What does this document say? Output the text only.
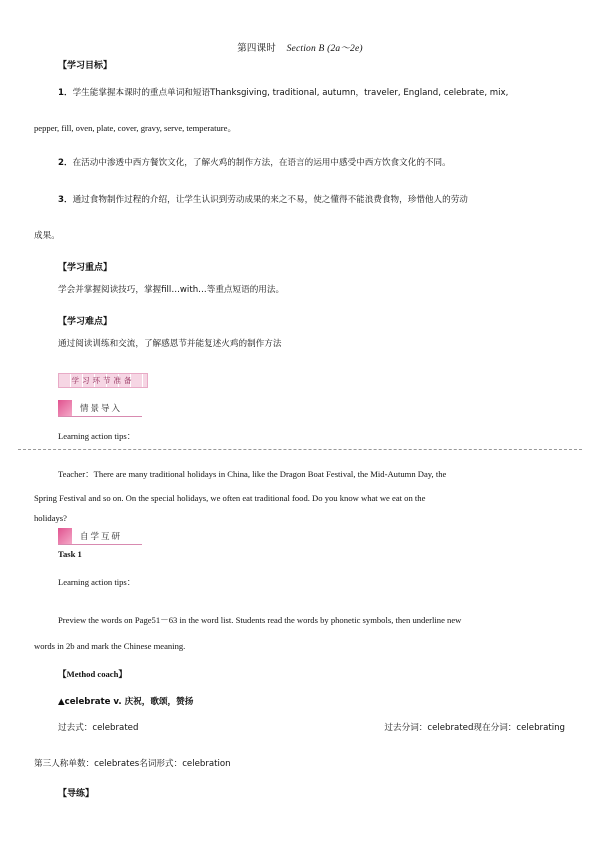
第四课时 Section B (2a～2e)
【学习目标】
1．学生能掌握本课时的重点单词和短语Thanksgiving, traditional, autumn，traveler, England, celebrate, mix,
pepper, fill, oven, plate, cover, gravy, serve, temperature。
2．在活动中渗透中西方餐饮文化，了解火鸡的制作方法，在语言的运用中感受中西方饮食文化的不同。
3．通过食物制作过程的介绍，让学生认识到劳动成果的来之不易，使之懂得不能浪费食物，珍惜他人的劳动
成果。
【学习重点】
学会并掌握阅读技巧，掌握fill…with…等重点短语的用法。
【学习难点】
通过阅读训练和交流，了解感恩节并能复述火鸡的制作方法
学习环节准备
情景导入
Learning action tips：
Teacher：There are many traditional holidays in China, like the Dragon Boat Festival, the Mid-Autumn Day, the
Spring Festival and so on. On the special holidays, we often eat traditional food. Do you know what we eat on the
holidays?
自学互研
Task 1
Learning action tips：
Preview the words on Page51－63 in the word list. Students read the words by phonetic symbols, then underline new
words in 2b and mark the Chinese meaning.
【Method coach】
▲celebrate v. 庆祝，歌颂，赞扬
过去式：celebrated	过去分词：celebrated现在分词：celebrating
第三人称单数：celebrates名词形式：celebration
【导练】
